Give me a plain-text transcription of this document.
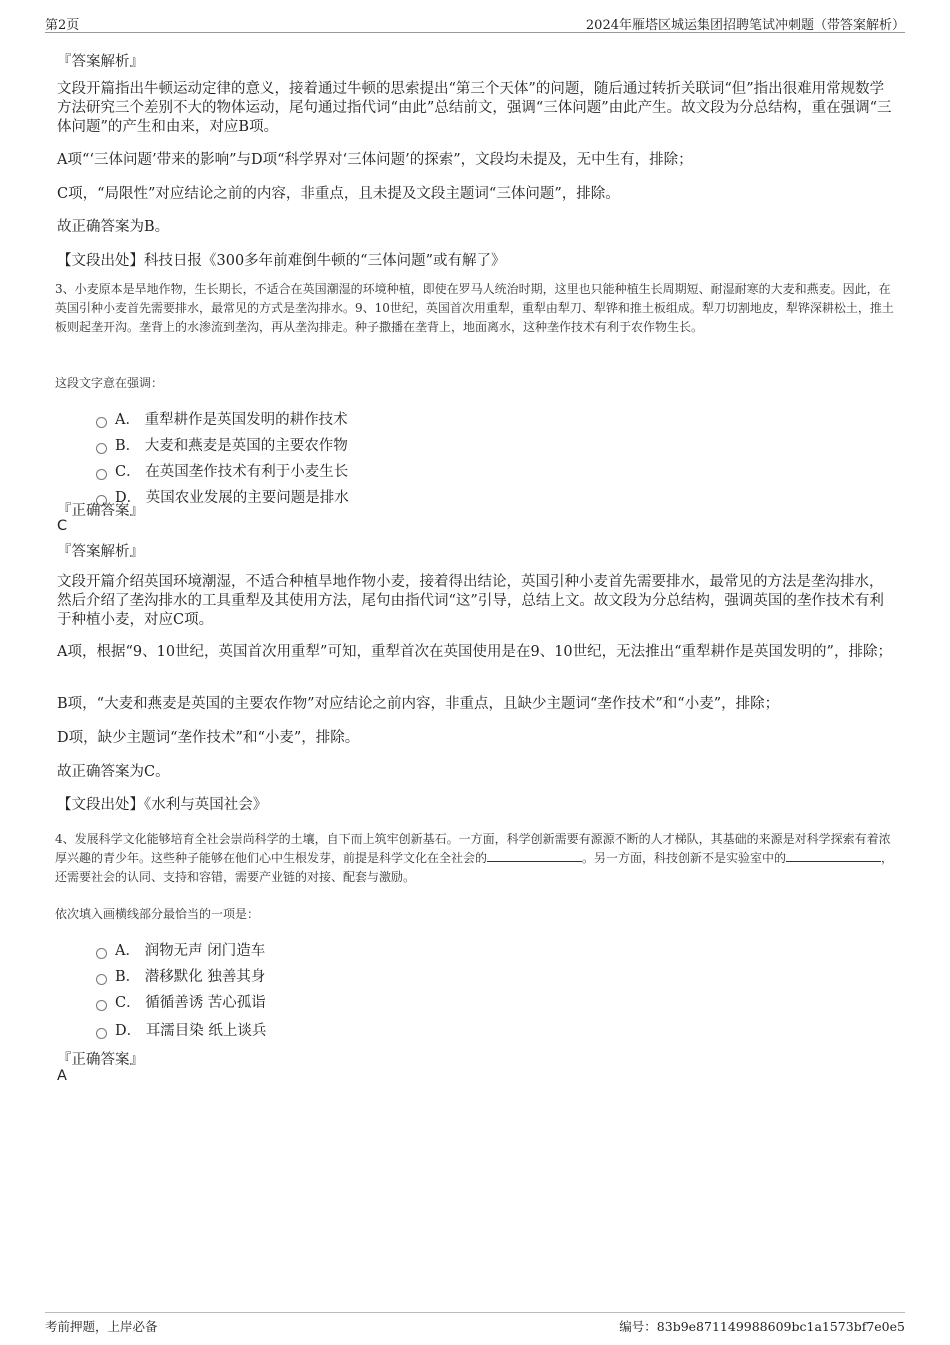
第2页	2024年雁塔区城运集团招聘笔试冲刺题（带答案解析）
『答案解析』
文段开篇指出牛顿运动定律的意义，接着通过牛顿的思索提出“第三个天体”的问题，随后通过转折关联词“但”指出很难用常规数学方法研究三个差别不大的物体运动，尾句通过指代词“由此”总结前文，强调“三体问题”由此产生。故文段为分总结构，重在强调“三体问题”的产生和由来，对应B项。
A项“‘三体问题’带来的影响”与D项“科学界对‘三体问题’的探索”，文段均未提及，无中生有，排除；
C项，“局限性”对应结论之前的内容，非重点，且未提及文段主题词“三体问题”，排除。
故正确答案为B。
【文段出处】科技日报《300多年前难倒牛顿的“三体问题”或有解了》
3、小麦原本是旱地作物，生长期长，不适合在英国潮湿的环境种植，即使在罗马人统治时期，这里也只能种植生长周期短、耐湿耐寒的大麦和燕麦。因此，在英国引种小麦首先需要排水，最常见的方式是垄沟排水。9、10世纪，英国首次用重犁，重犁由犁刀、犁铧和推土板组成。犁刀切割地皮，犁铧深耕松土，推土板则起垄开沟。垄背上的水渗流到垄沟，再从垄沟排走。种子撒播在垄背上，地面离水，这种垄作技术有利于农作物生长。
这段文字意在强调：
A． 重犁耕作是英国发明的耕作技术
B． 大麦和燕麦是英国的主要农作物
C． 在英国垄作技术有利于小麦生长
D． 英国农业发展的主要问题是排水
『正确答案』
C
『答案解析』
文段开篇介绍英国环境潮湿，不适合种植旱地作物小麦，接着得出结论，英国引种小麦首先需要排水，最常见的方法是垄沟排水，然后介绍了垄沟排水的工具重犁及其使用方法，尾句由指代词“这”引导，总结上文。故文段为分总结构，强调英国的垄作技术有利于种植小麦，对应C项。
A项，根据“9、10世纪，英国首次用重犁”可知，重犁首次在英国使用是在9、10世纪，无法推出“重犁耕作是英国发明的”，排除；
B项，“大麦和燕麦是英国的主要农作物”对应结论之前内容，非重点，且缺少主题词“垄作技术”和“小麦”，排除；
D项，缺少主题词“垄作技术”和“小麦”，排除。
故正确答案为C。
【文段出处】《水利与英国社会》
4、发展科学文化能够培育全社会崇尚科学的土壤，自下而上筑牢创新基石。一方面，科学创新需要有源源不断的人才梯队，其基础的来源是对科学探索有着浓厚兴趣的青少年。这些种子能够在他们心中生根发芽，前提是科学文化在全社会的	。另一方面，科技创新不是实验室中的	，还需要社会的认同、支持和容错，需要产业链的对接、配套与激励。
依次填入画横线部分最恰当的一项是：
A． 润物无声 闭门造车
B． 潜移默化 独善其身
C． 循循善诱 苦心孤诣
D． 耳濡目染 纸上谈兵
『正确答案』
A
考前押题，上岸必备	编号：83b9e871149988609bc1a1573bf7e0e5
